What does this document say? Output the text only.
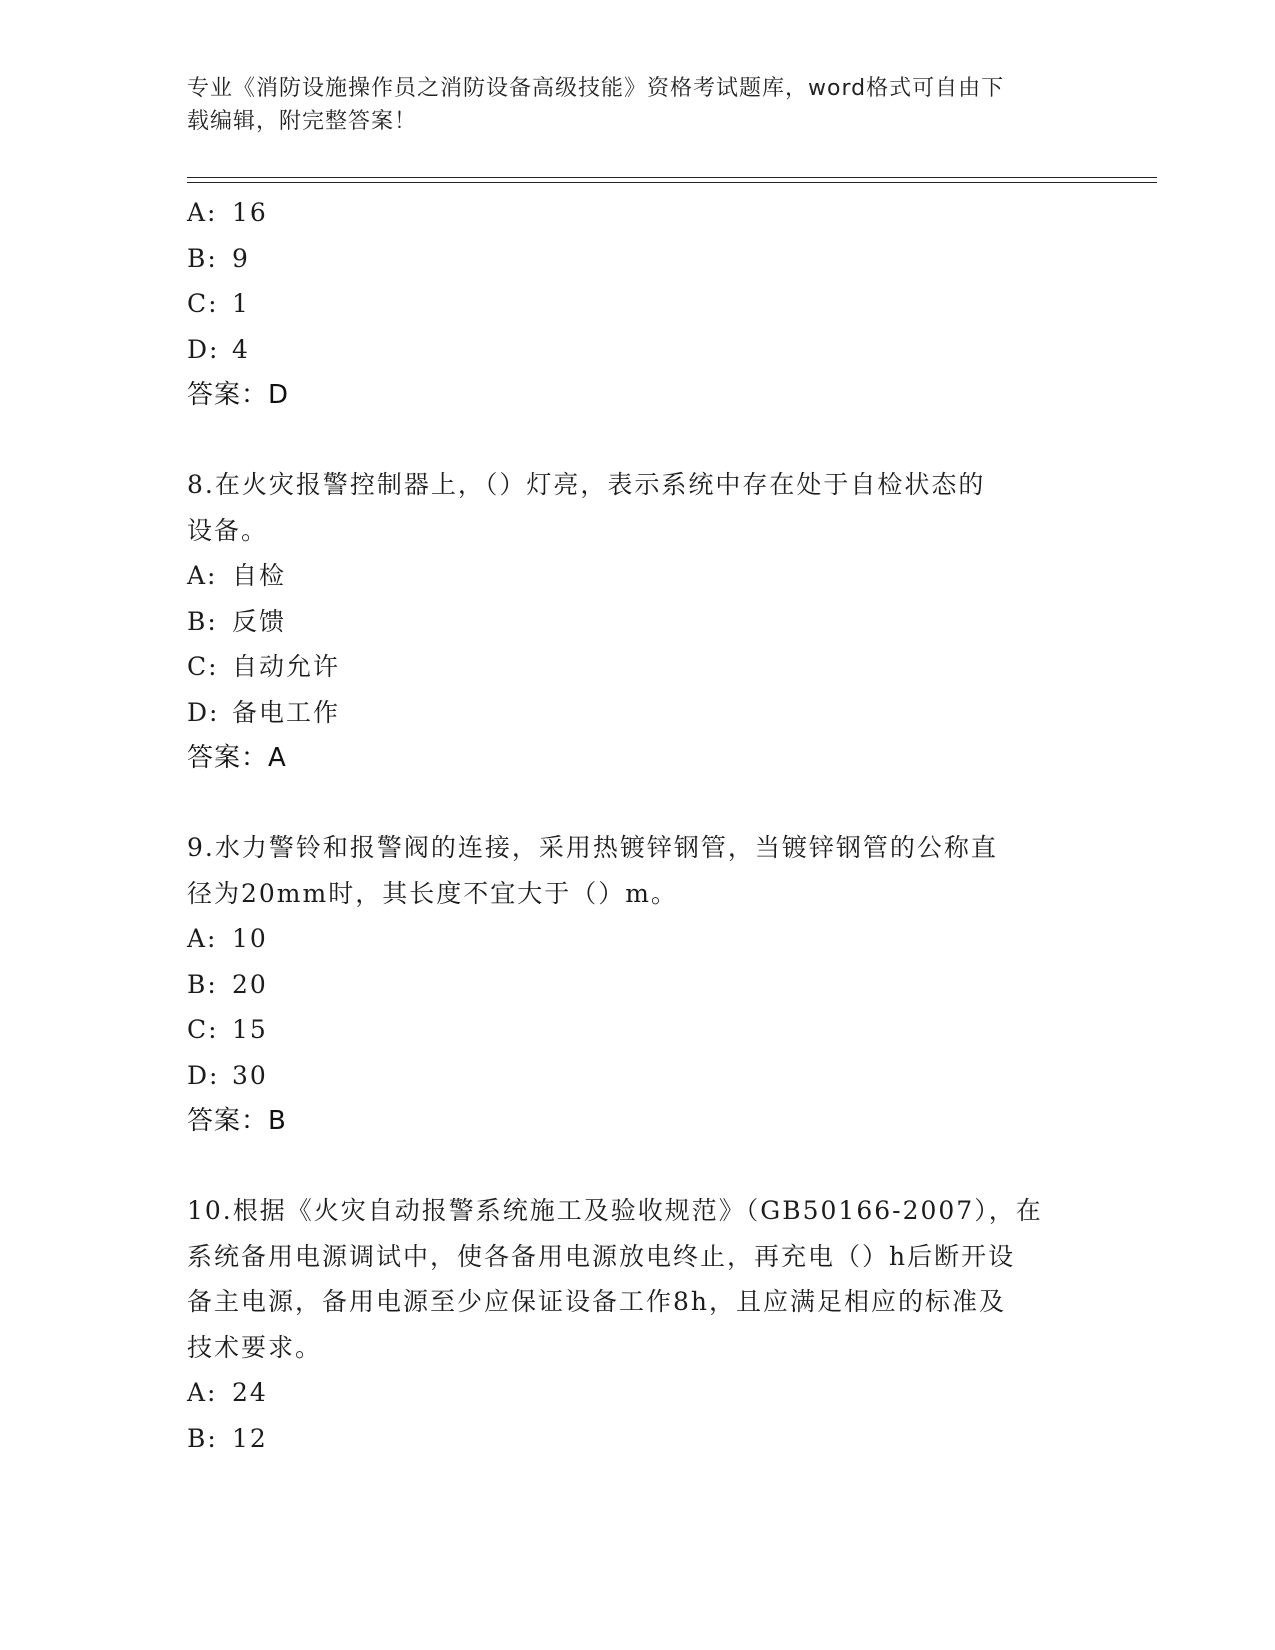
专业《消防设施操作员之消防设备高级技能》资格考试题库，word格式可自由下
载编辑，附完整答案！
A: 16
B: 9
C: 1
D: 4
答案：D
8.在火灾报警控制器上，（）灯亮，表示系统中存在处于自检状态的
设备。
A: 自检
B: 反馈
C: 自动允许
D: 备电工作
答案：A
9.水力警铃和报警阀的连接，采用热镀锌钢管，当镀锌钢管的公称直
径为20mm时，其长度不宜大于（）m。
A: 10
B: 20
C: 15
D: 30
答案：B
10.根据《火灾自动报警系统施工及验收规范》（GB50166-2007），在
系统备用电源调试中，使各备用电源放电终止，再充电（）h后断开设
备主电源，备用电源至少应保证设备工作8h，且应满足相应的标准及
技术要求。
A: 24
B: 12
